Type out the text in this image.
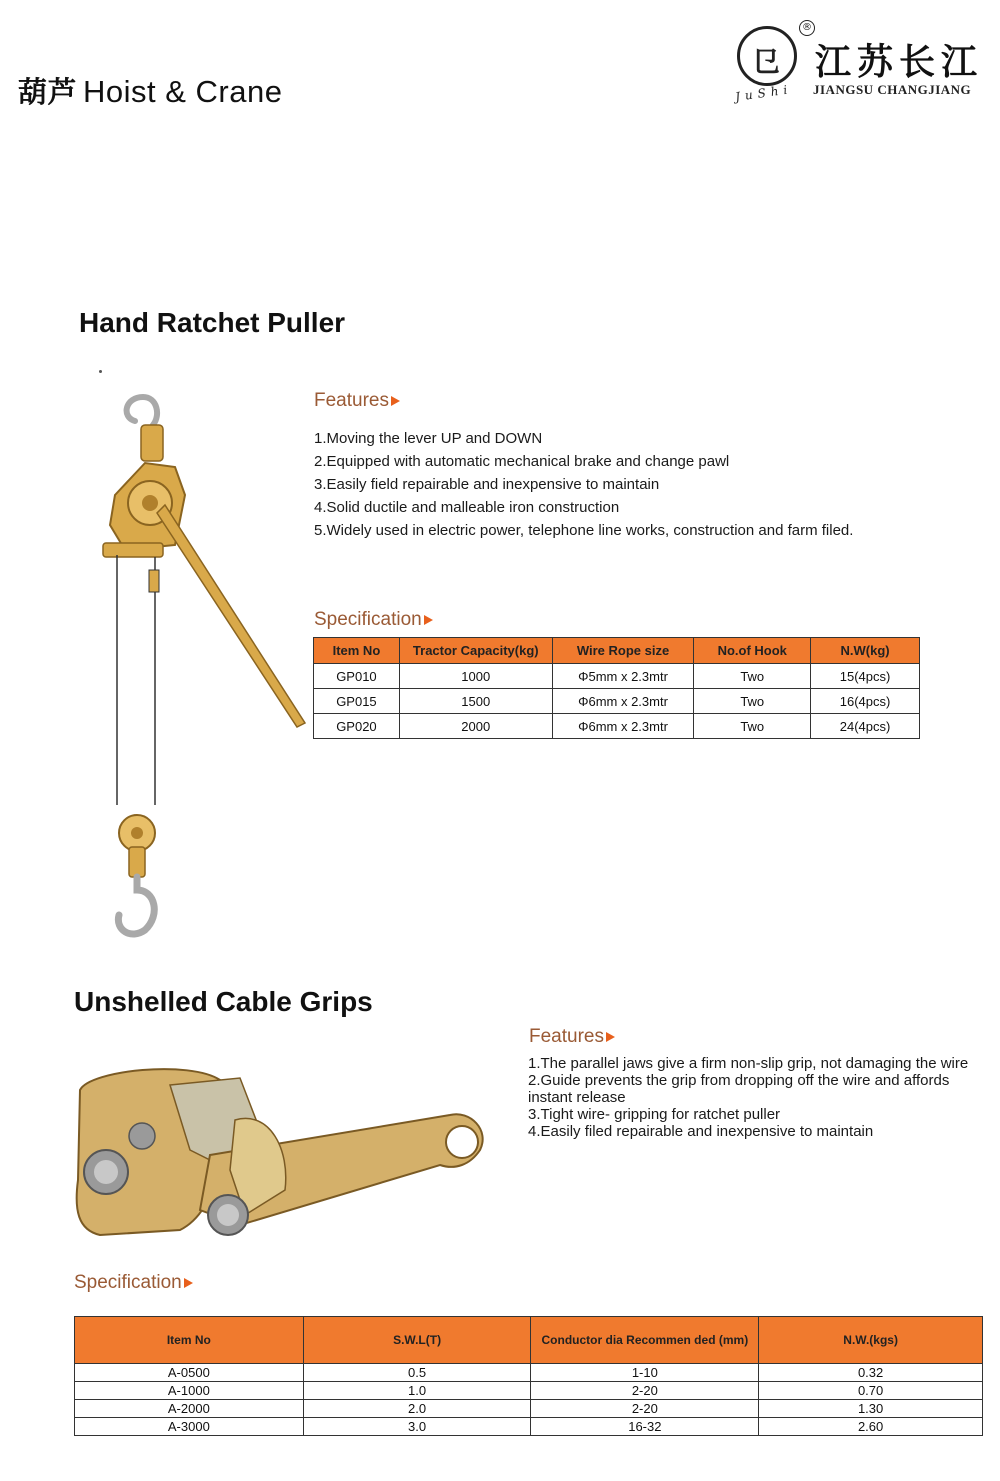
葫芦 Hoist & Crane
㔾
®
JuShi
江苏长江
JIANGSU CHANGJIANG
Hand Ratchet Puller
Features
1.Moving the lever UP and DOWN
2.Equipped with automatic mechanical brake and change pawl
3.Easily field repairable and inexpensive to maintain
4.Solid ductile and malleable iron construction
5.Widely used in electric power, telephone line works, construction and farm filed.
Specification
Item No	Tractor Capacity(kg)	Wire Rope size	No.of Hook	N.W(kg)
GP010	1000	Φ5mm x 2.3mtr	Two	15(4pcs)
GP015	1500	Φ6mm x 2.3mtr	Two	16(4pcs)
GP020	2000	Φ6mm x 2.3mtr	Two	24(4pcs)
Unshelled Cable Grips
Features
1.The parallel jaws give a firm non-slip grip, not damaging the wire
2.Guide prevents the grip from dropping off the wire and affords instant release
3.Tight wire- gripping for ratchet puller
4.Easily filed repairable and inexpensive to maintain
Specification
Item No	S.W.L(T)	Conductor dia Recommen ded (mm)	N.W.(kgs)
A-0500	0.5	1-10	0.32
A-1000	1.0	2-20	0.70
A-2000	2.0	2-20	1.30
A-3000	3.0	16-32	2.60
